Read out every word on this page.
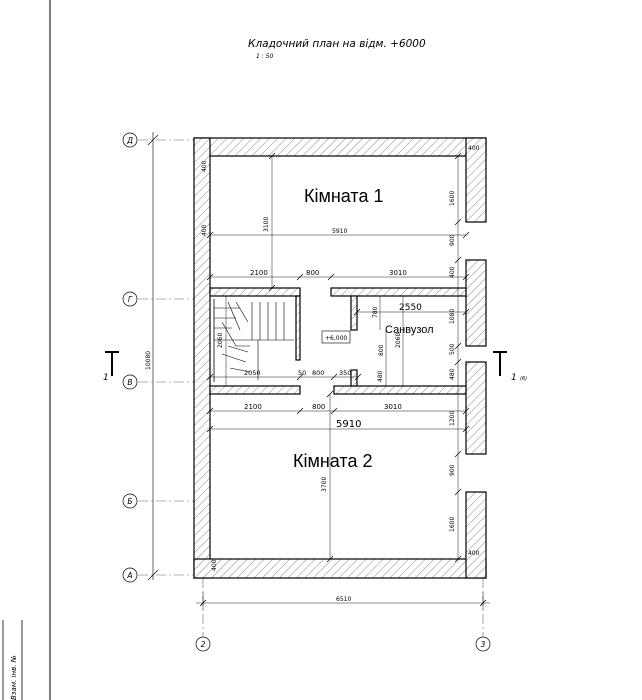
Взам. інв. №
Кладочний план на відм. +6000
1 : 50
10080
Д
Г
В
Б
А
2	3
+6,000
Кімната 1
Кімната 2
Санвузол
5910
2100	800	3010
2550
2050	50 800 350
2100	800	3010
5910
6510
400
400
3100
3700
2060
780
800
2060
480	480
1080
500
1600
900
400
1200
900
1600
400
400
400
1	1 (6)
